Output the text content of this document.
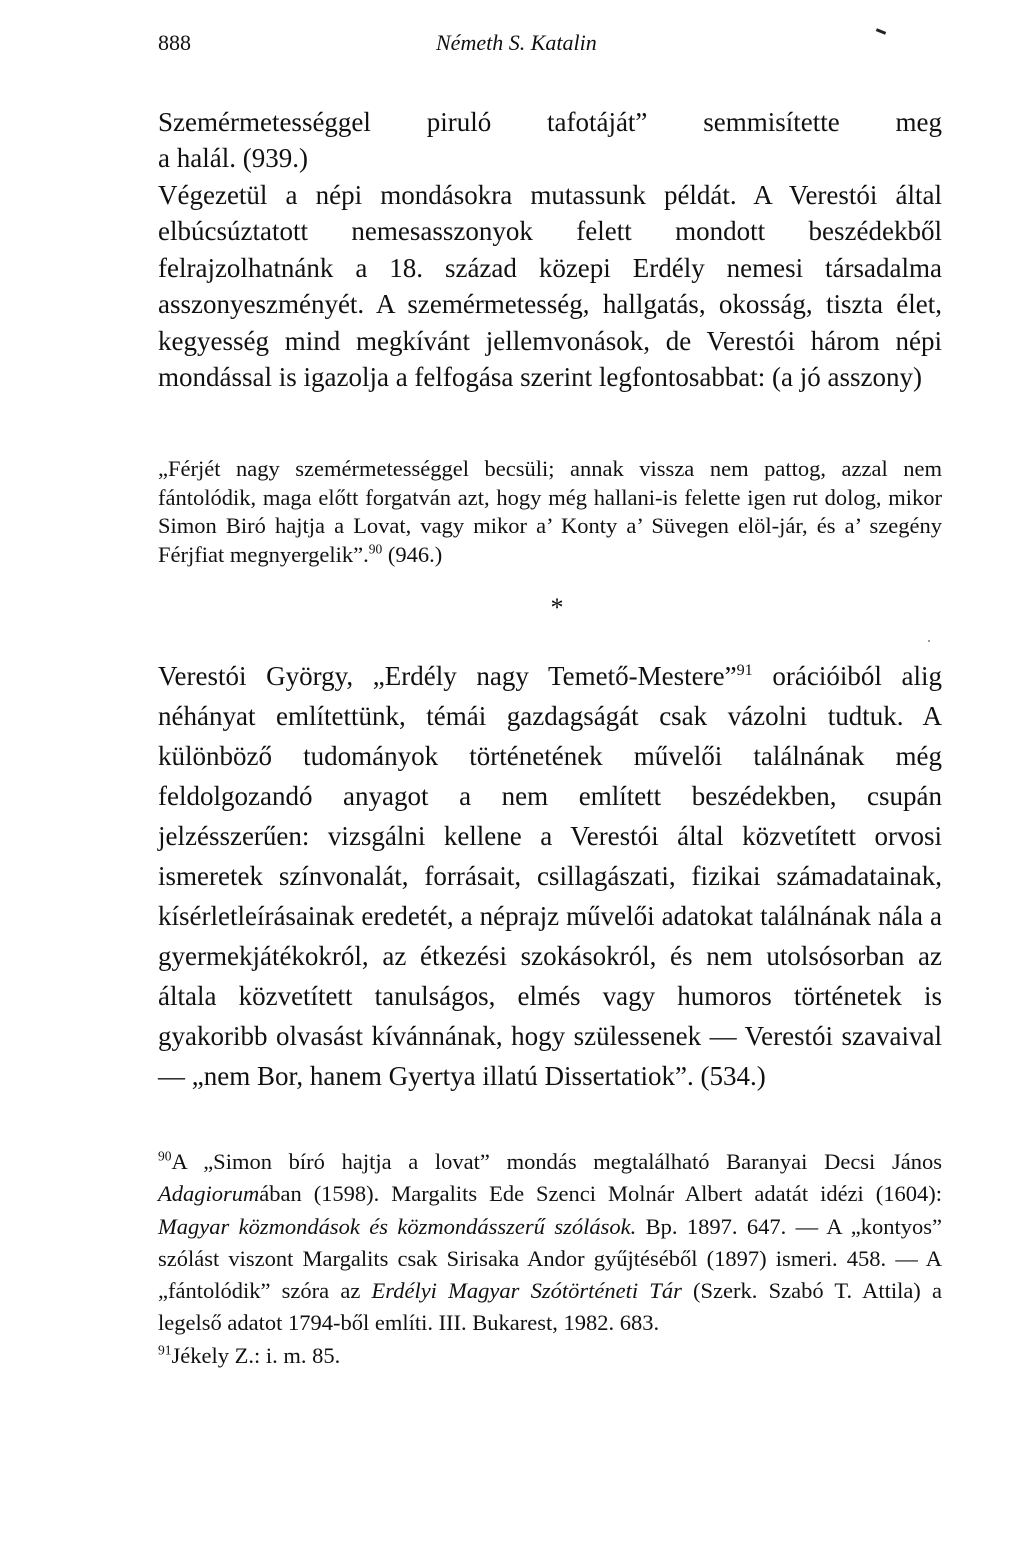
888	Németh S. Katalin
Szemérmetességgel piruló tafotáját” semmisítette meg
a halál. (939.)

Végezetül a népi mondásokra mutassunk példát. A Verestói által elbúcsúztatott nemesasszonyok felett mondott beszédekből felrajzolhatnánk a 18. század közepi Erdély nemesi társadalma asszonyeszményét. A szemérmetesség, hallgatás, okosság, tiszta élet, kegyesség mind megkívánt jellemvonások, de Verestói három népi mondással is igazolja a felfogása szerint legfontosabbat: (a jó asszony)

„Férjét nagy szemérmetességgel becsüli; annak vissza nem pattog, azzal nem fántolódik, maga előtt forgatván azt, hogy még hallani-is felette igen rut dolog, mikor Simon Biró hajtja a Lovat, vagy mikor a’ Konty a’ Süvegen elöl-jár, és a’ szegény Férjfiat megnyergelik”.$^{90}$ (946.)

*

Verestói György, „Erdély nagy Temető-Mestere”$^{91}$ orációiból alig néhányat említettünk, témái gazdagságát csak vázolni tudtuk. A különböző tudományok történetének művelői találnának még feldolgozandó anyagot a nem említett beszédekben, csupán jelzésszerűen: vizsgálni kellene a Verestói által közvetített orvosi ismeretek színvonalát, forrásait, csillagászati, fizikai számadatainak, kísérletleírásainak eredetét, a néprajz művelői adatokat találnának nála a gyermekjátékokról, az étkezési szokásokról, és nem utolsósorban az általa közvetített tanulságos, elmés vagy humoros történetek is gyakoribb olvasást kívánnának, hogy szülessenek — Verestói szavaival — „nem Bor, hanem Gyertya illatú Dissertatiok”. (534.)

$^{90}$A „Simon bíró hajtja a lovat” mondás megtalálható Baranyai Decsi János Adagiorumában (1598). Margalits Ede Szenci Molnár Albert adatát idézi (1604): Magyar közmondások és közmondásszerű szólások. Bp. 1897. 647. — A „kontyos” szólást viszont Margalits csak Sirisaka Andor gyűjtéséből (1897) ismeri. 458. — A „fántolódik” szóra az Erdélyi Magyar Szótörténeti Tár (Szerk. Szabó T. Attila) a legelső adatot 1794-ből említi. III. Bukarest, 1982. 683.

$^{91}$Jékely Z.: i. m. 85.
